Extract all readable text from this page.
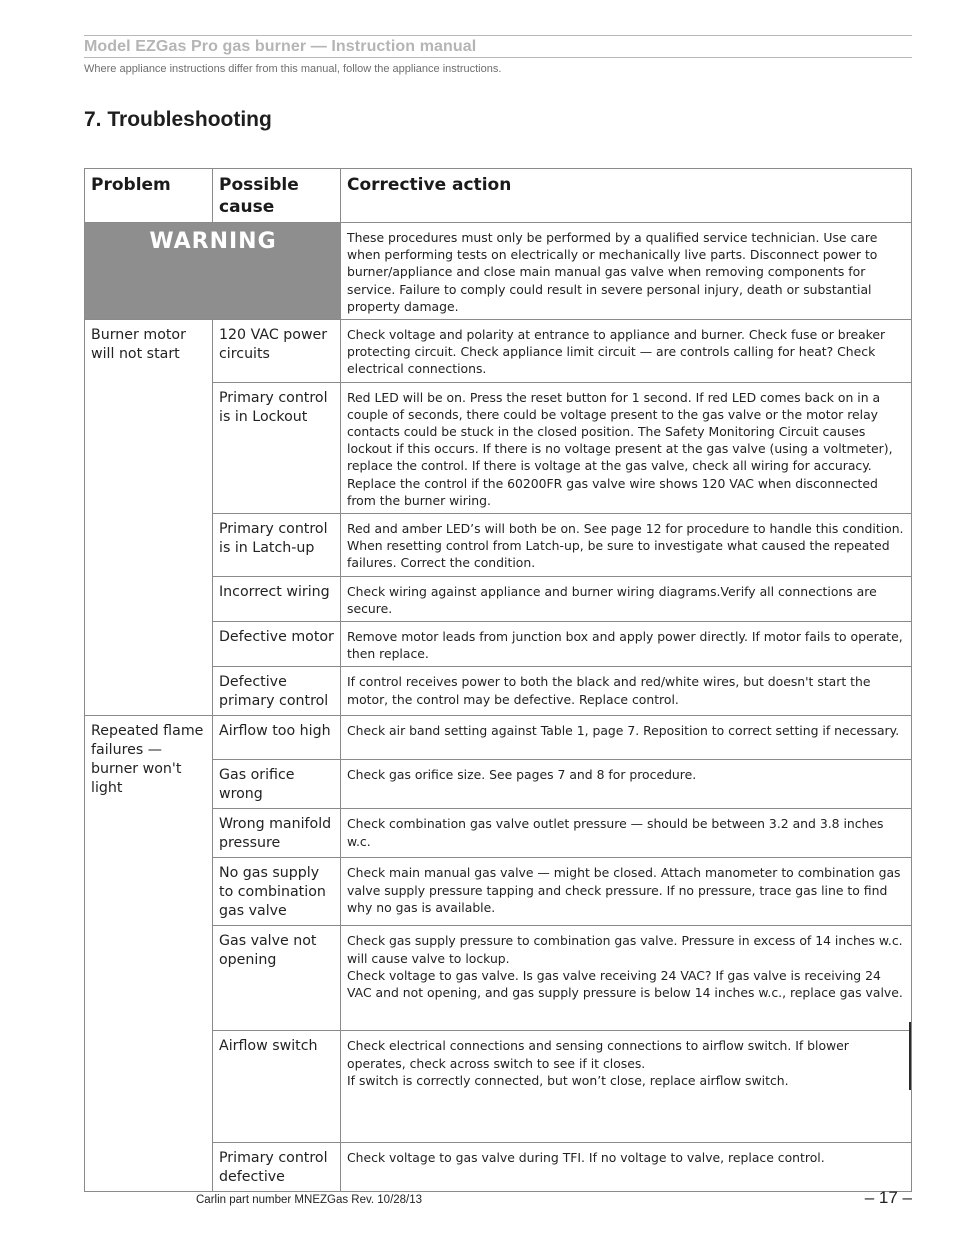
Model EZGas Pro gas burner — Instruction manual
Where appliance instructions differ from this manual, follow the appliance instructions.
7. Troubleshooting
Problem	Possible cause	Corrective action
WARNING		These procedures must only be performed by a qualified service technician. Use care when performing tests on electrically or mechanically live parts. Disconnect power to burner/appliance and close main manual gas valve when removing components for service. Failure to comply could result in severe personal injury, death or substantial property damage.
Burner motor will not start	120 VAC power circuits	Check voltage and polarity at entrance to appliance and burner. Check fuse or breaker protecting circuit. Check appliance limit circuit — are controls calling for heat? Check electrical connections.

	Primary control is in Lockout	Red LED will be on. Press the reset button for 1 second. If red LED comes back on in a couple of seconds, there could be voltage present to the gas valve or the motor relay contacts could be stuck in the closed position. The Safety Monitoring Circuit causes lockout if this occurs. If there is no voltage present at the gas valve (using a voltmeter), replace the control. If there is voltage at the gas valve, check all wiring for accuracy. Replace the control if the 60200FR gas valve wire shows 120 VAC when disconnected from the burner wiring.

	Primary control is in Latch-up	Red and amber LED’s will both be on. See page 12 for procedure to handle this condition. When resetting control from Latch-up, be sure to investigate what caused the repeated failures. Correct the condition.

	Incorrect wiring	Check wiring against appliance and burner wiring diagrams.Verify all connections are secure.

	Defective motor	Remove motor leads from junction box and apply power directly. If motor fails to operate, then replace.

	Defective primary control	If control receives power to both the black and red/white wires, but doesn't start the motor, the control may be defective. Replace control.

Repeated flame failures — burner won't light	Airflow too high	Check air band setting against Table 1, page 7. Reposition to correct setting if necessary.

	Gas orifice wrong	Check gas orifice size. See pages 7 and 8 for procedure.

	Wrong manifold pressure	Check combination gas valve outlet pressure — should be between 3.2 and 3.8 inches w.c.

	No gas supply to combination gas valve	Check main manual gas valve — might be closed. Attach manometer to combination gas valve supply pressure tapping and check pressure. If no pressure, trace gas line to find why no gas is available.

	Gas valve not opening	Check gas supply pressure to combination gas valve. Pressure in excess of 14 inches w.c. will cause valve to lockup.
Check voltage to gas valve. Is gas valve receiving 24 VAC? If gas valve is receiving 24 VAC and not opening, and gas supply pressure is below 14 inches w.c., replace gas valve.

	Airflow switch	Check electrical connections and sensing connections to airflow switch. If blower operates, check across switch to see if it closes.
If switch is correctly connected, but won’t close, replace airflow switch.

	Primary control defective	Check voltage to gas valve during TFI. If no voltage to valve, replace control.
Carlin part number MNEZGas Rev. 10/28/13	– 17 –
